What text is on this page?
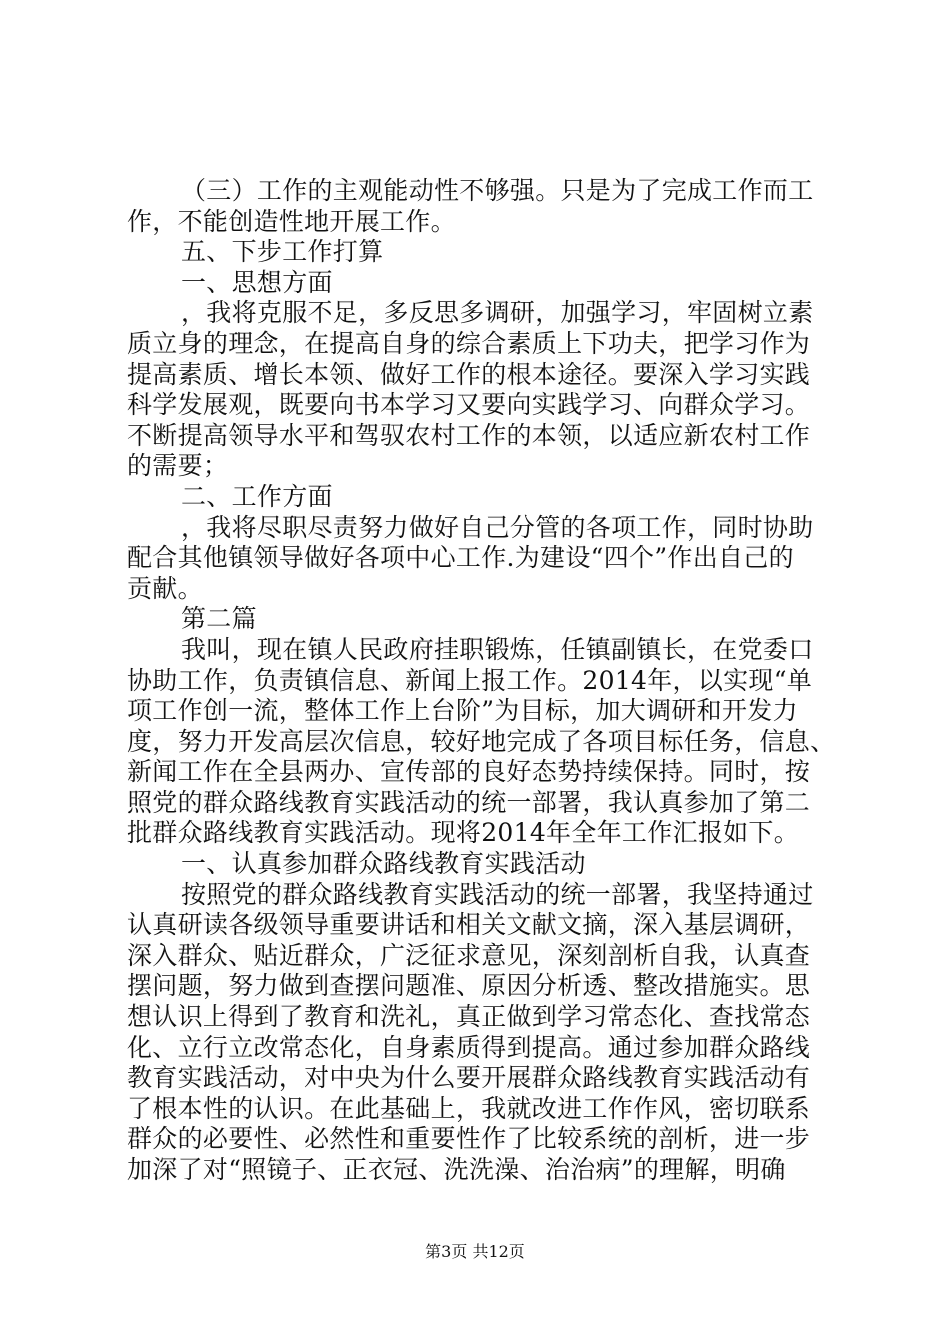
（三）工作的主观能动性不够强。只是为了完成工作而工
作，不能创造性地开展工作。
五、下步工作打算
一、思想方面
，我将克服不足，多反思多调研，加强学习，牢固树立素
质立身的理念，在提高自身的综合素质上下功夫，把学习作为
提高素质、增长本领、做好工作的根本途径。要深入学习实践
科学发展观，既要向书本学习又要向实践学习、向群众学习。
不断提高领导水平和驾驭农村工作的本领，以适应新农村工作
的需要；
二、工作方面
，我将尽职尽责努力做好自己分管的各项工作，同时协助
配合其他镇领导做好各项中心工作.为建设“四个”作出自己的
贡献。
第二篇
我叫，现在镇人民政府挂职锻炼，任镇副镇长，在党委口
协助工作，负责镇信息、新闻上报工作。2014年，以实现“单
项工作创一流，整体工作上台阶”为目标，加大调研和开发力
度，努力开发高层次信息，较好地完成了各项目标任务，信息、
新闻工作在全县两办、宣传部的良好态势持续保持。同时，按
照党的群众路线教育实践活动的统一部署，我认真参加了第二
批群众路线教育实践活动。现将2014年全年工作汇报如下。
一、认真参加群众路线教育实践活动
按照党的群众路线教育实践活动的统一部署，我坚持通过
认真研读各级领导重要讲话和相关文献文摘，深入基层调研，
深入群众、贴近群众，广泛征求意见，深刻剖析自我，认真查
摆问题，努力做到查摆问题准、原因分析透、整改措施实。思
想认识上得到了教育和洗礼，真正做到学习常态化、查找常态
化、立行立改常态化，自身素质得到提高。通过参加群众路线
教育实践活动，对中央为什么要开展群众路线教育实践活动有
了根本性的认识。在此基础上，我就改进工作作风，密切联系
群众的必要性、必然性和重要性作了比较系统的剖析，进一步
加深了对“照镜子、正衣冠、洗洗澡、治治病”的理解，明确
第3页 共12页
